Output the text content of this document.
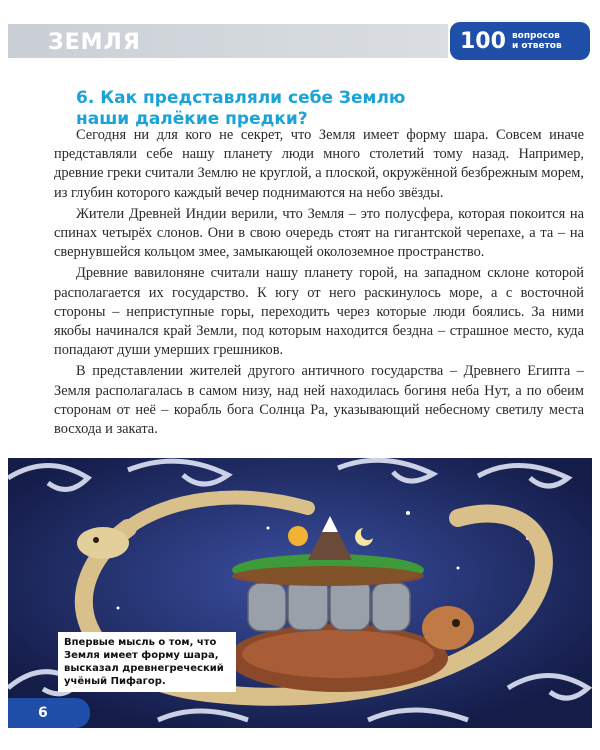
ЗЕМЛЯ	100 вопросов
и ответов
6. Как представляли себе Землю
наши далёкие предки?

Сегодня ни для кого не секрет, что Земля имеет форму шара. Совсем иначе представляли себе нашу планету люди много столетий тому назад. Например, древние греки считали Землю не круглой, а плоской, окружённой безбрежным морем, из глубин которого каждый вечер поднимаются на небо звёзды.

Жители Древней Индии верили, что Земля – это полусфера, которая покоится на спинах четырёх слонов. Они в свою очередь стоят на гигантской черепахе, а та – на свернувшейся кольцом змее, замыкающей околоземное пространство.

Древние вавилоняне считали нашу планету горой, на западном склоне которой располагается их государство. К югу от него раскинулось море, а с восточной стороны – неприступные горы, переходить через которые люди боялись. За ними якобы начинался край Земли, под которым находится бездна – страшное место, куда попадают души умерших грешников.

В представлении жителей другого античного государства – Древнего Египта – Земля располагалась в самом низу, над ней находилась богиня неба Нут, а по обеим сторонам от неё – корабль бога Солнца Ра, указывающий небесному светилу места восхода и заката.

Впервые мысль о том, что Земля имеет форму шара, высказал древнегреческий учёный Пифагор.
6
